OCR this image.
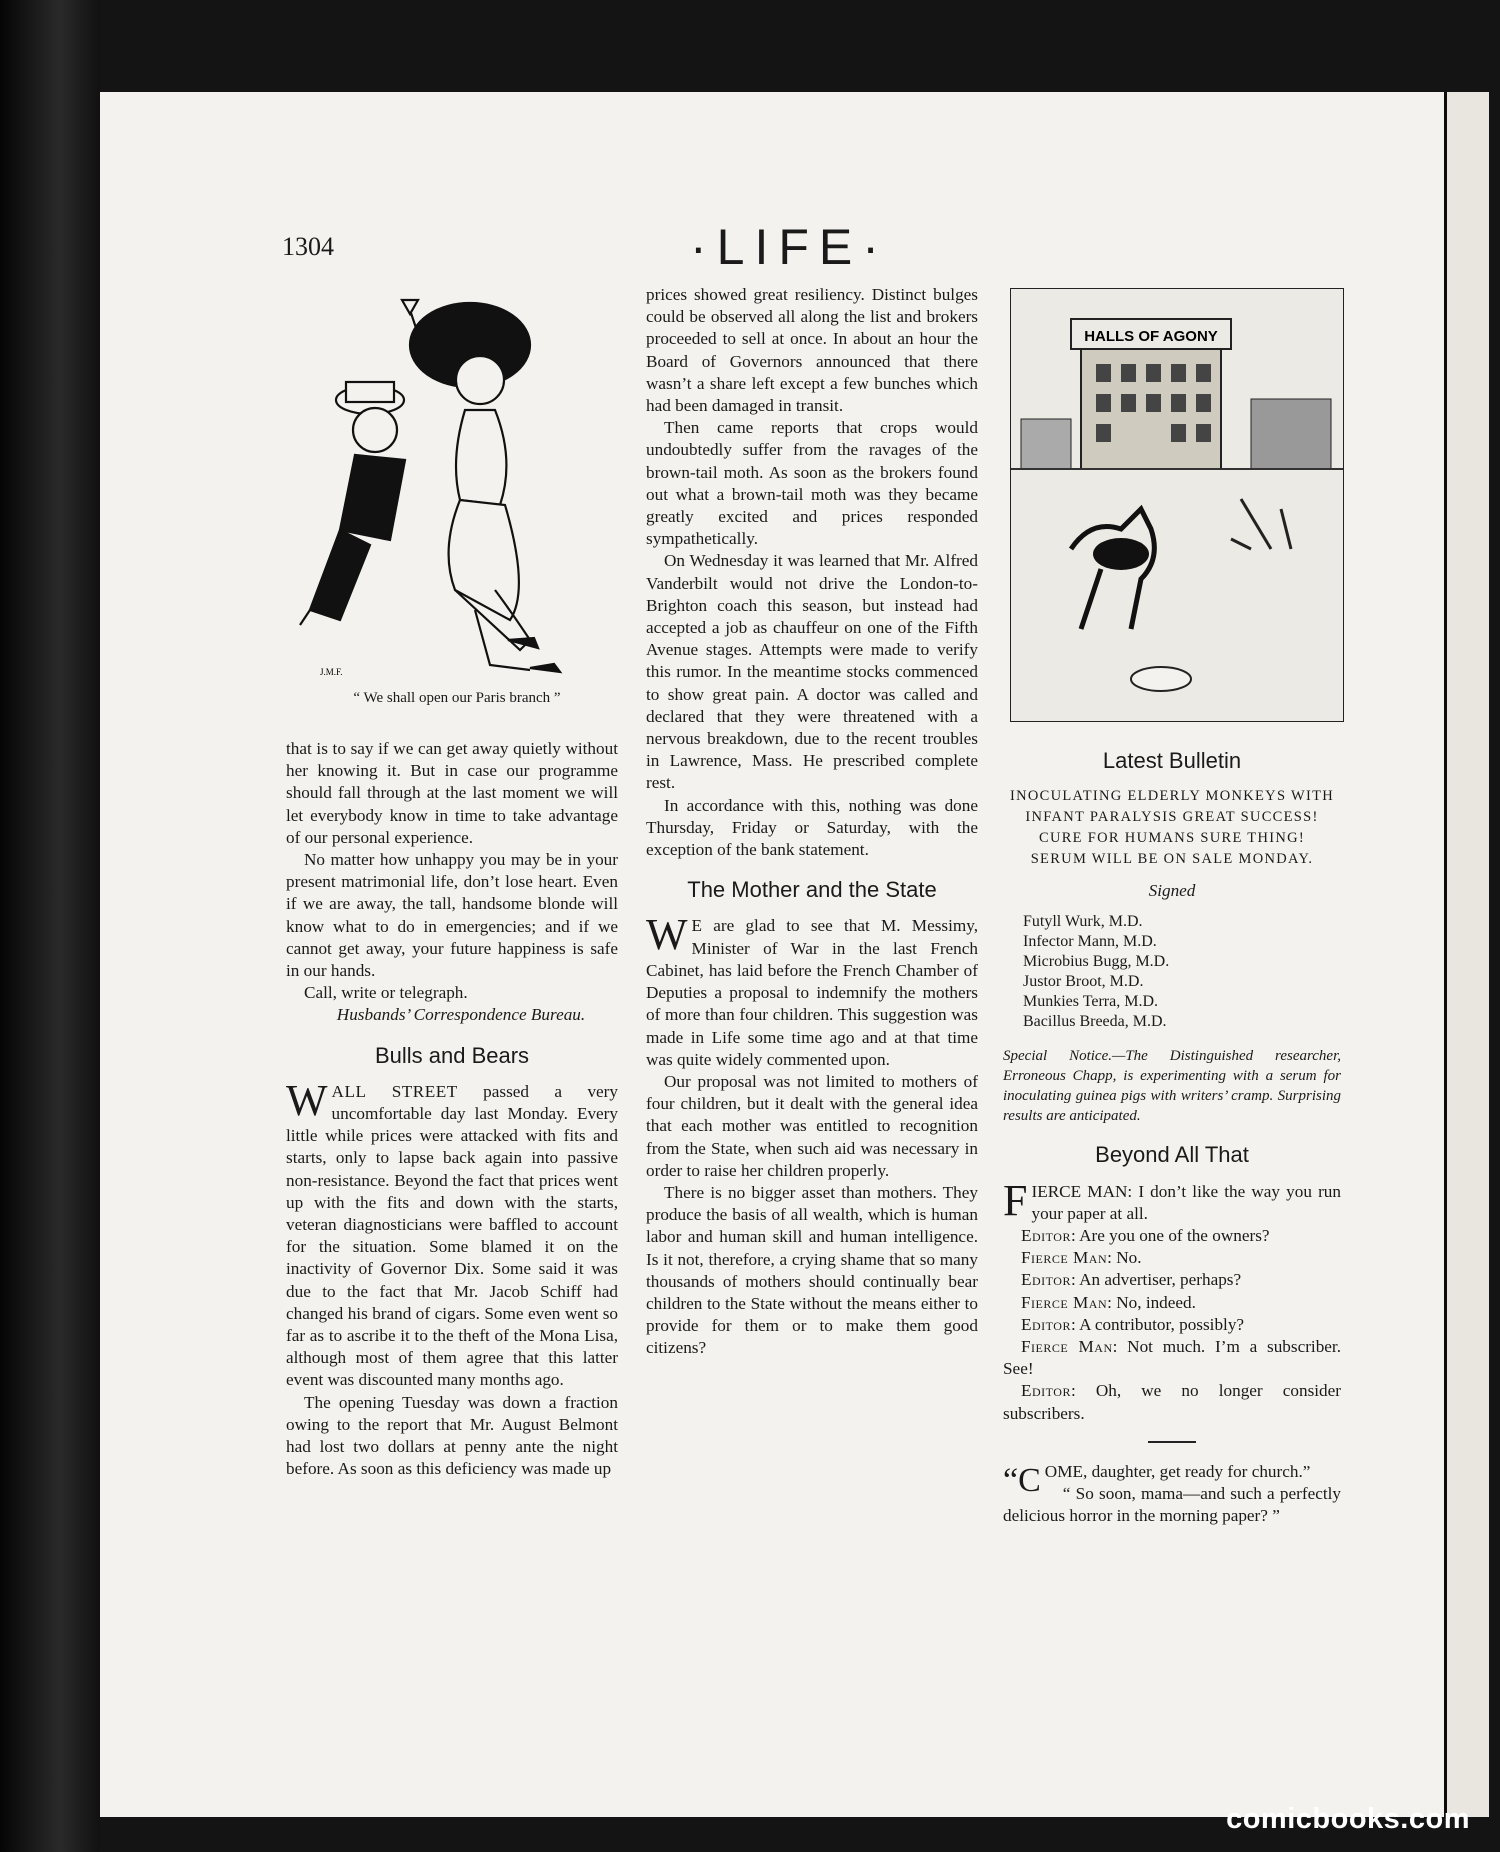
1304	·LIFE·
J.M.F.
“ We shall open our Paris branch ”

that is to say if we can get away quietly without her knowing it. But in case our programme should fall through at the last moment we will let everybody know in time to take advantage of our personal experience.

No matter how unhappy you may be in your present matrimonial life, don’t lose heart. Even if we are away, the tall, handsome blonde will know what to do in emergencies; and if we cannot get away, your future happiness is safe in our hands.

Call, write or telegraph.

Husbands’ Correspondence Bureau.

Bulls and Bears

WALL STREET passed a very uncomfortable day last Monday. Every little while prices were attacked with fits and starts, only to lapse back again into passive non-resistance. Beyond the fact that prices went up with the fits and down with the starts, veteran diagnosticians were baffled to account for the situation. Some blamed it on the inactivity of Governor Dix. Some said it was due to the fact that Mr. Jacob Schiff had changed his brand of cigars. Some even went so far as to ascribe it to the theft of the Mona Lisa, although most of them agree that this latter event was discounted many months ago.

The opening Tuesday was down a fraction owing to the report that Mr. August Belmont had lost two dollars at penny ante the night before. As soon as this deficiency was made up

prices showed great resiliency. Distinct bulges could be observed all along the list and brokers proceeded to sell at once. In about an hour the Board of Governors announced that there wasn’t a share left except a few bunches which had been damaged in transit.

Then came reports that crops would undoubtedly suffer from the ravages of the brown-tail moth. As soon as the brokers found out what a brown-tail moth was they became greatly excited and prices responded sympathetically.

On Wednesday it was learned that Mr. Alfred Vanderbilt would not drive the London-to-Brighton coach this season, but instead had accepted a job as chauffeur on one of the Fifth Avenue stages. Attempts were made to verify this rumor. In the meantime stocks commenced to show great pain. A doctor was called and declared that they were threatened with a nervous breakdown, due to the recent troubles in Lawrence, Mass. He prescribed complete rest.

In accordance with this, nothing was done Thursday, Friday or Saturday, with the exception of the bank statement.

The Mother and the State

W E are glad to see that M. Messimy, Minister of War in the last French Cabinet, has laid before the French Chamber of Deputies a proposal to indemnify the mothers of more than four children. This suggestion was made in Life some time ago and at that time was quite widely commented upon.

Our proposal was not limited to mothers of four children, but it dealt with the general idea that each mother was entitled to recognition from the State, when such aid was necessary in order to raise her children properly.

There is no bigger asset than mothers. They produce the basis of all wealth, which is human labor and human skill and human intelligence. Is it not, therefore, a crying shame that so many thousands of mothers should continually bear children to the State without the means either to provide for them or to make them good citizens?

HALLS OF AGONY
Latest Bulletin
INOCULATING ELDERLY MONKEYS WITH
INFANT PARALYSIS GREAT SUCCESS!
CURE FOR HUMANS SURE THING!
SERUM WILL BE ON SALE MONDAY.
Signed
Futyll Wurk, M.D.
Infector Mann, M.D.
Microbius Bugg, M.D.
Justor Broot, M.D.
Munkies Terra, M.D.
Bacillus Breeda, M.D.
Special Notice.—The Distinguished researcher, Erroneous Chapp, is experimenting with a serum for inoculating guinea pigs with writers’ cramp. Surprising results are anticipated.
Beyond All That

FIERCE MAN: I don’t like the way you run your paper at all.

Editor: Are you one of the owners?

Fierce Man: No.

Editor: An advertiser, perhaps?

Fierce Man: No, indeed.

Editor: A contributor, possibly?

Fierce Man: Not much. I’m a subscriber. See!

Editor: Oh, we no longer consider subscribers.

“COME, daughter, get ready for church.”

“ So soon, mama—and such a perfectly delicious horror in the morning paper? ”

comicbooks.com
